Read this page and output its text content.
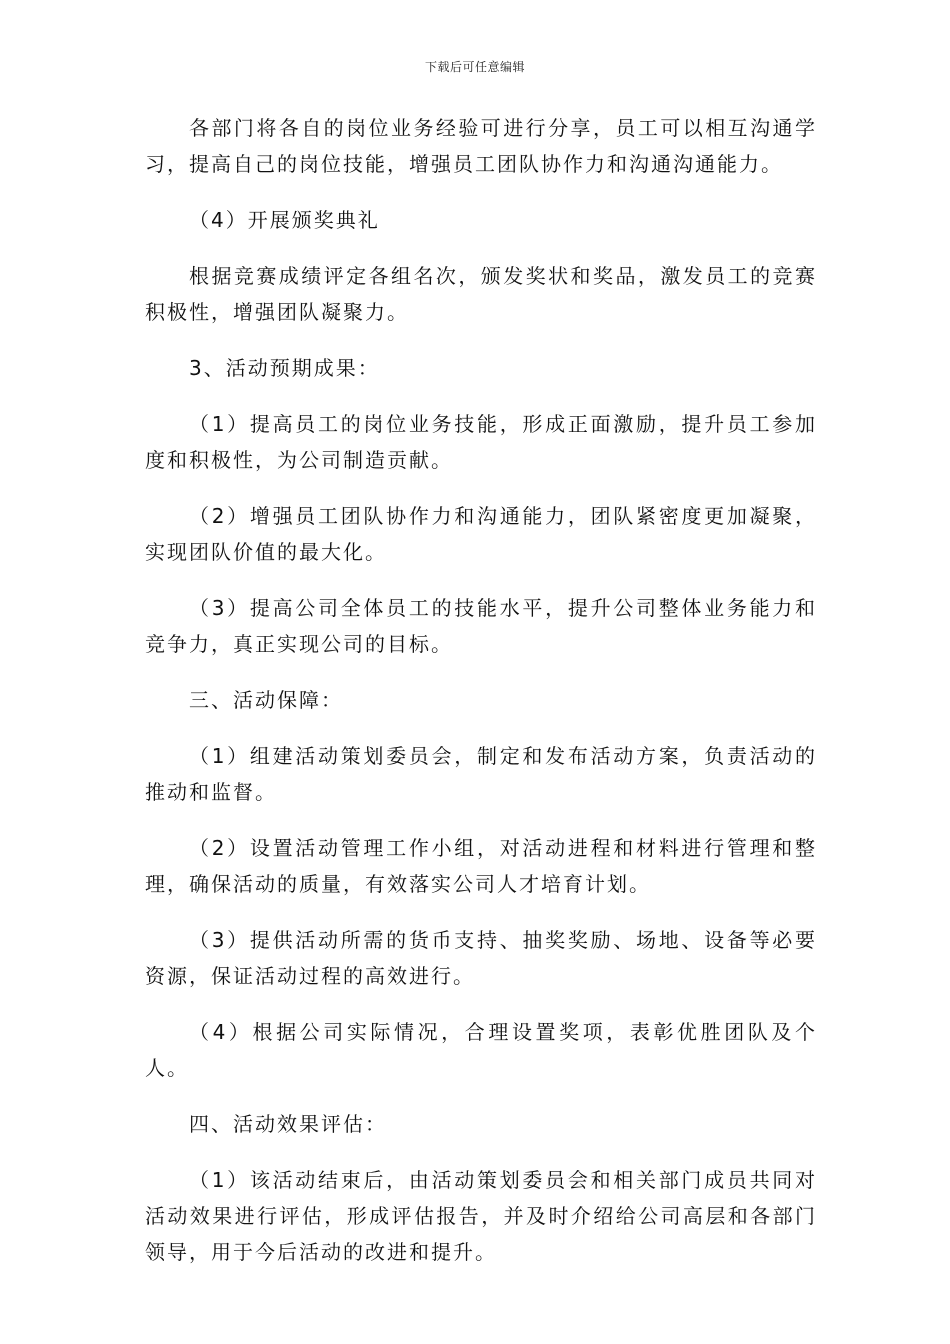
下载后可任意编辑

各部门将各自的岗位业务经验可进行分享，员工可以相互沟通学习，提高自己的岗位技能，增强员工团队协作力和沟通沟通能力。

（4）开展颁奖典礼

根据竞赛成绩评定各组名次，颁发奖状和奖品，激发员工的竞赛积极性，增强团队凝聚力。

3、活动预期成果：

（1）提高员工的岗位业务技能，形成正面激励，提升员工参加度和积极性，为公司制造贡献。

（2）增强员工团队协作力和沟通能力，团队紧密度更加凝聚，实现团队价值的最大化。

（3）提高公司全体员工的技能水平，提升公司整体业务能力和竞争力，真正实现公司的目标。

三、活动保障：

（1）组建活动策划委员会，制定和发布活动方案，负责活动的推动和监督。

（2）设置活动管理工作小组，对活动进程和材料进行管理和整理，确保活动的质量，有效落实公司人才培育计划。

（3）提供活动所需的货币支持、抽奖奖励、场地、设备等必要资源，保证活动过程的高效进行。

（4）根据公司实际情况，合理设置奖项，表彰优胜团队及个人。

四、活动效果评估：

（1）该活动结束后，由活动策划委员会和相关部门成员共同对活动效果进行评估，形成评估报告，并及时介绍给公司高层和各部门领导，用于今后活动的改进和提升。
